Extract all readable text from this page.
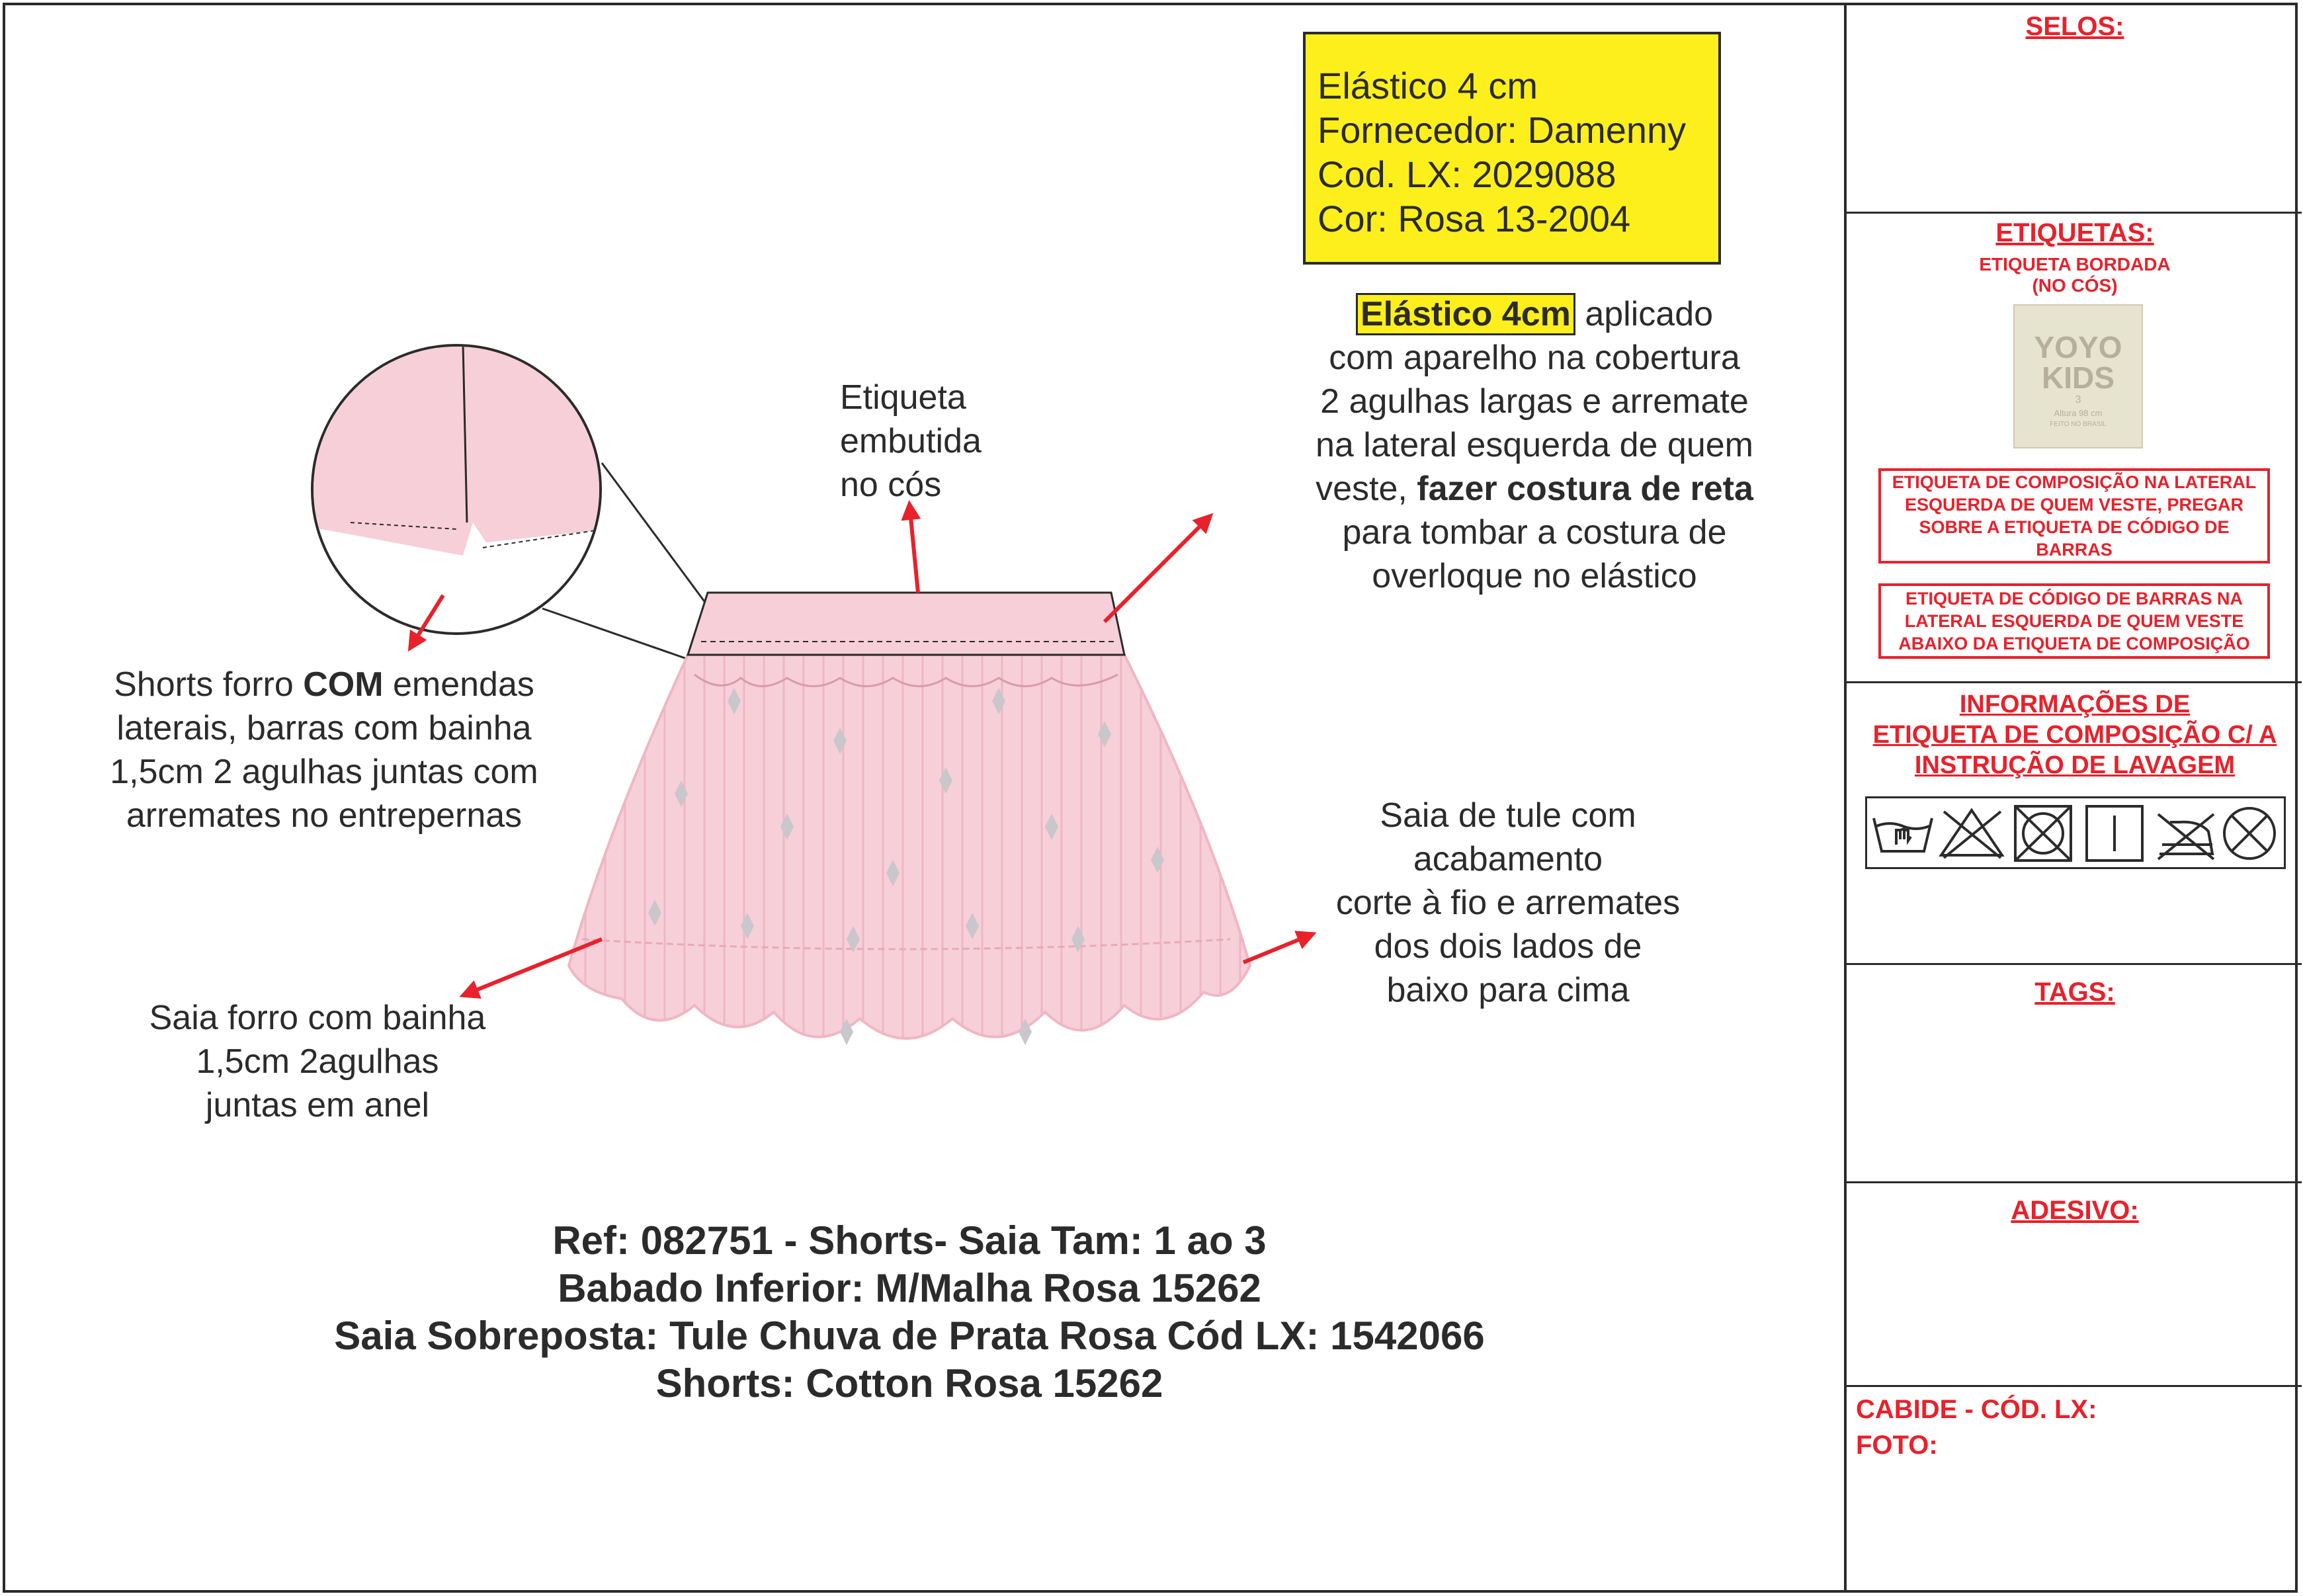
SELOS:
ETIQUETAS:
ETIQUETA BORDADA
(NO CÓS)
YOYO
KIDS
3
Altura 98 cm
FEITO NO BRASIL
ETIQUETA DE COMPOSIÇÃO NA LATERAL ESQUERDA DE QUEM VESTE, PREGAR SOBRE A ETIQUETA DE CÓDIGO DE BARRAS
ETIQUETA DE CÓDIGO DE BARRAS NA LATERAL ESQUERDA DE QUEM VESTE ABAIXO DA ETIQUETA DE COMPOSIÇÃO
INFORMAÇÕES DE
ETIQUETA DE COMPOSIÇÃO C/ A
INSTRUÇÃO DE LAVAGEM
TAGS:
ADESIVO:
CABIDE - CÓD. LX:
FOTO:
Elástico 4 cm
Fornecedor: Damenny
Cod. LX: 2029088
Cor: Rosa 13-2004
Elástico 4cm aplicado
com aparelho na cobertura
2 agulhas largas e arremate
na lateral esquerda de quem
veste, fazer costura de reta
para tombar a costura de
overloque no elástico
Etiqueta
embutida
no cós
Shorts forro COM emendas
laterais, barras com bainha
1,5cm 2 agulhas juntas com
arremates no entrepernas	Saia de tule com
acabamento
corte à fio e arremates
dos dois lados de
baixo para cima
Saia forro com bainha
1,5cm 2agulhas
juntas em anel
Ref: 082751 - Shorts- Saia Tam: 1 ao 3
Babado Inferior: M/Malha Rosa 15262
Saia Sobreposta: Tule Chuva de Prata Rosa Cód LX: 1542066
Shorts: Cotton Rosa 15262
